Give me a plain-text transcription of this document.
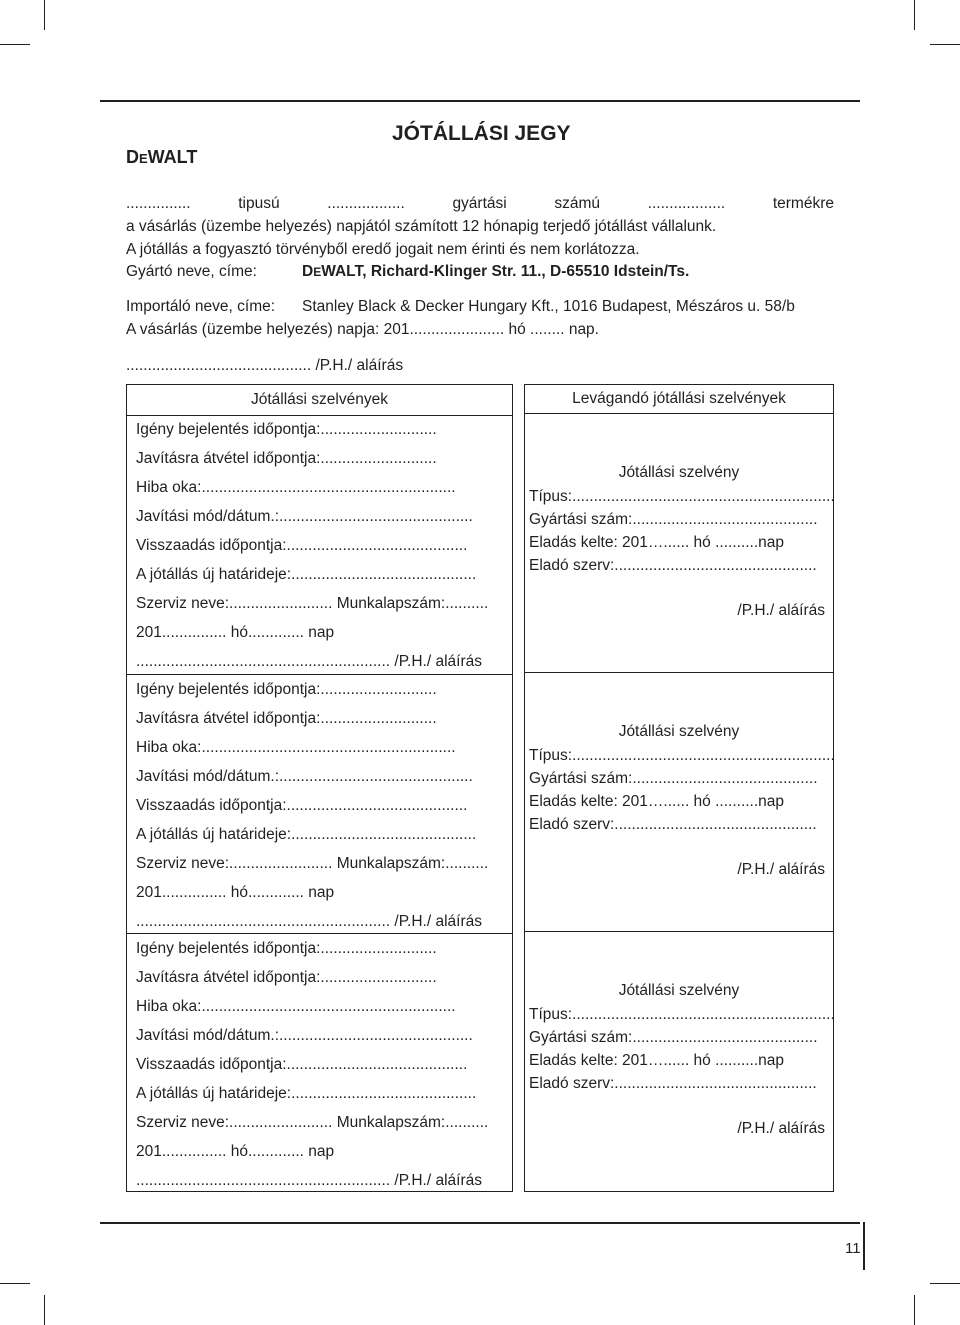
DEWALT
JÓTÁLLÁSI JEGY
............... tipusú .................. gyártási számú .................. termékre
a vásárlás (üzembe helyezés) napjától számított 12 hónapig terjedő jótállást vállalunk.
A jótállás a fogyasztó törvényből eredő jogait nem érinti és nem korlátozza.
Gyártó neve, címe:	DEWALT, Richard-Klinger Str. 11., D-65510 Idstein/Ts.
Importáló neve, címe: Stanley Black & Decker Hungary Kft., 1016 Budapest, Mészáros u. 58/b
A vásárlás (üzembe helyezés) napja: 201...................... hó ........ nap.
........................................... /P.H./ aláírás
Jótállási szelvények
Igény bejelentés időpontja:...........................
Javításra átvétel időpontja:...........................
Hiba oka:...........................................................
Javítási mód/dátum.:.............................................
Visszaadás időpontja:..........................................
A jótállás új határideje:...........................................
Szerviz neve:........................ Munkalapszám:..........
201............... hó............. nap
........................................................... /P.H./ aláírás
Igény bejelentés időpontja:...........................
Javításra átvétel időpontja:...........................
Hiba oka:...........................................................
Javítási mód/dátum.:.............................................
Visszaadás időpontja:..........................................
A jótállás új határideje:...........................................
Szerviz neve:........................ Munkalapszám:..........
201............... hó............. nap
........................................................... /P.H./ aláírás
Igény bejelentés időpontja:...........................
Javításra átvétel időpontja:...........................
Hiba oka:...........................................................
Javítási mód/dátum.:.............................................
Visszaadás időpontja:..........................................
A jótállás új határideje:...........................................
Szerviz neve:........................ Munkalapszám:..........
201............... hó............. nap
........................................................... /P.H./ aláírás
Levágandó jótállási szelvények
Jótállási szelvény
Típus:.............................................................
Gyártási szám:...........................................
Eladás kelte: 201…...... hó ..........nap
Eladó szerv:...............................................
/P.H./ aláírás
Jótállási szelvény
Típus:.............................................................
Gyártási szám:...........................................
Eladás kelte: 201…...... hó ..........nap
Eladó szerv:...............................................
/P.H./ aláírás
Jótállási szelvény
Típus:.............................................................
Gyártási szám:...........................................
Eladás kelte: 201…...... hó ..........nap
Eladó szerv:...............................................
/P.H./ aláírás
11
